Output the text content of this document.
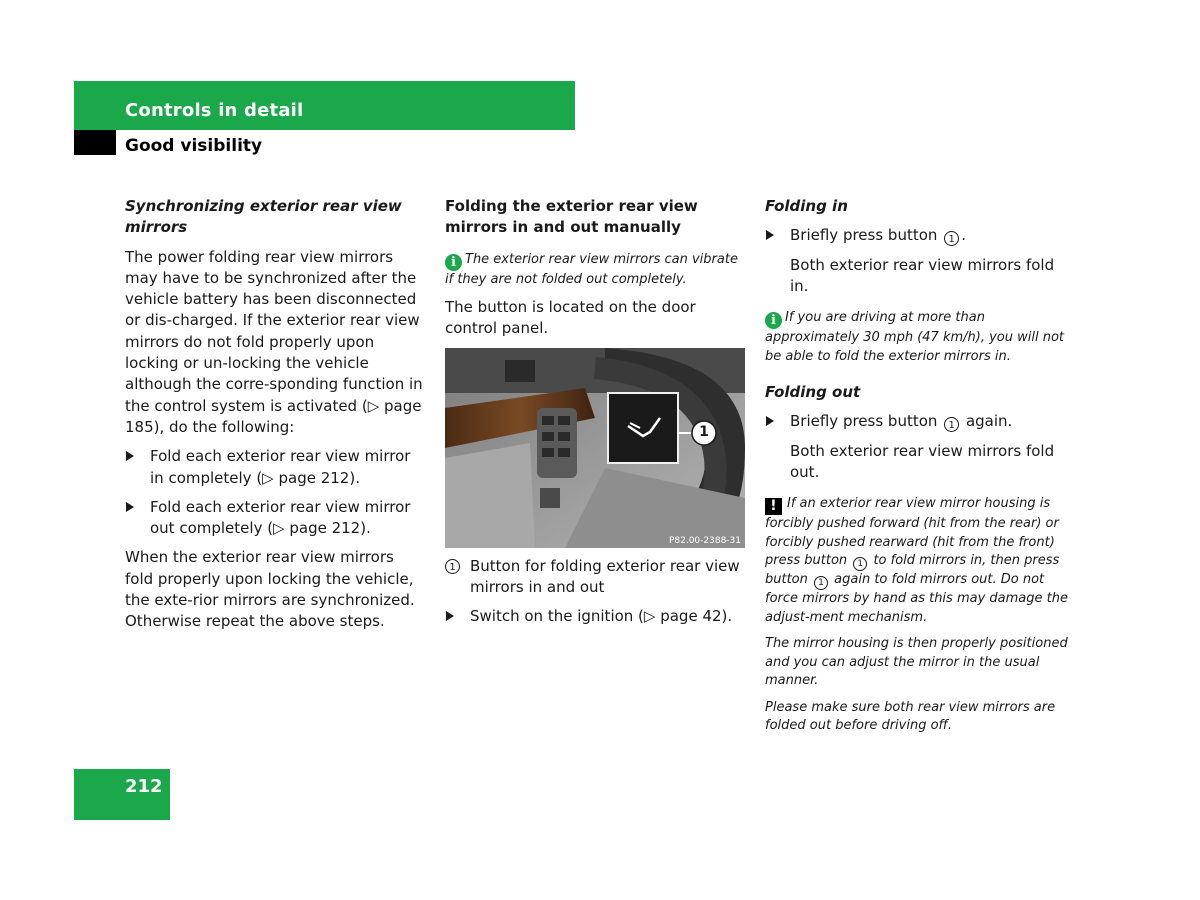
Controls in detail
Good visibility

Synchronizing exterior rear view mirrors

The power folding rear view mirrors may have to be synchronized after the vehicle battery has been disconnected or dis-charged. If the exterior rear view mirrors do not fold properly upon locking or un-locking the vehicle although the corre-sponding function in the control system is activated (▷ page 185), do the following:

Fold each exterior rear view mirror in completely (▷ page 212).
Fold each exterior rear view mirror out completely (▷ page 212).

When the exterior rear view mirrors fold properly upon locking the vehicle, the exte-rior mirrors are synchronized. Otherwise repeat the above steps.

Folding the exterior rear view mirrors in and out manually

i The exterior rear view mirrors can vibrate if they are not folded out completely.

The button is located on the door control panel.

1
P82.00-2388-31
1 Button for folding exterior rear view mirrors in and out
Switch on the ignition (▷ page 42).

Folding in

Briefly press button 1 .

Both exterior rear view mirrors fold in.

i If you are driving at more than approximately 30 mph (47 km/h), you will not be able to fold the exterior mirrors in.

Folding out

Briefly press button 1 again.

Both exterior rear view mirrors fold out.

! If an exterior rear view mirror housing is forcibly pushed forward (hit from the rear) or forcibly pushed rearward (hit from the front) press button 1 to fold mirrors in, then press button 1 again to fold mirrors out. Do not force mirrors by hand as this may damage the adjust-ment mechanism.

The mirror housing is then properly positioned and you can adjust the mirror in the usual manner.

Please make sure both rear view mirrors are folded out before driving off.

212
